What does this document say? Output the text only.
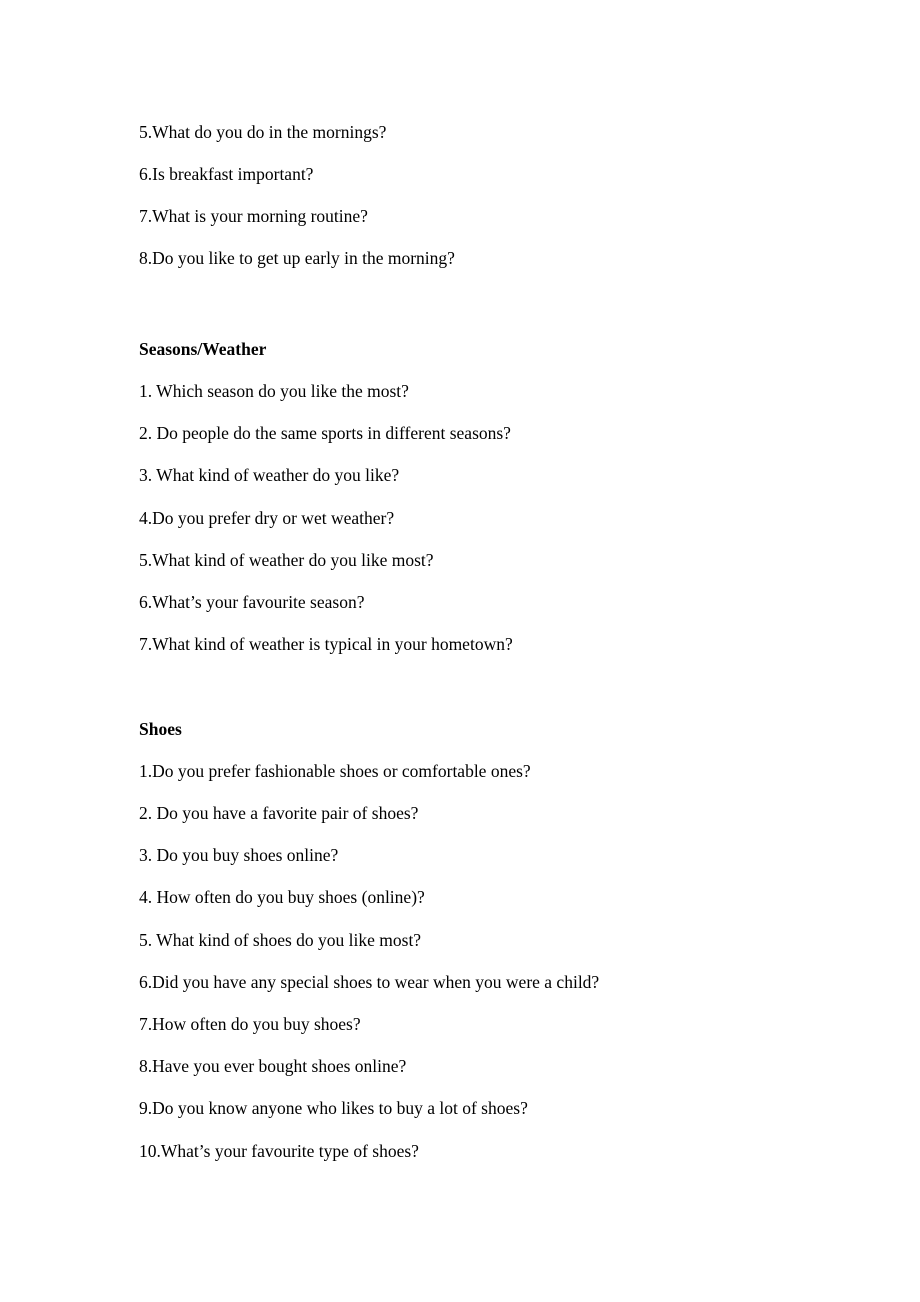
5.What do you do in the mornings?
6.Is breakfast important?
7.What is your morning routine?
8.Do you like to get up early in the morning?
Seasons/Weather
1. Which season do you like the most?
2. Do people do the same sports in different seasons?
3. What kind of weather do you like?
4.Do you prefer dry or wet weather?
5.What kind of weather do you like most?
6.What’s your favourite season?
7.What kind of weather is typical in your hometown?
Shoes
1.Do you prefer fashionable shoes or comfortable ones?
2. Do you have a favorite pair of shoes?
3. Do you buy shoes online?
4. How often do you buy shoes (online)?
5. What kind of shoes do you like most?
6.Did you have any special shoes to wear when you were a child?
7.How often do you buy shoes?
8.Have you ever bought shoes online?
9.Do you know anyone who likes to buy a lot of shoes?
10.What’s your favourite type of shoes?
